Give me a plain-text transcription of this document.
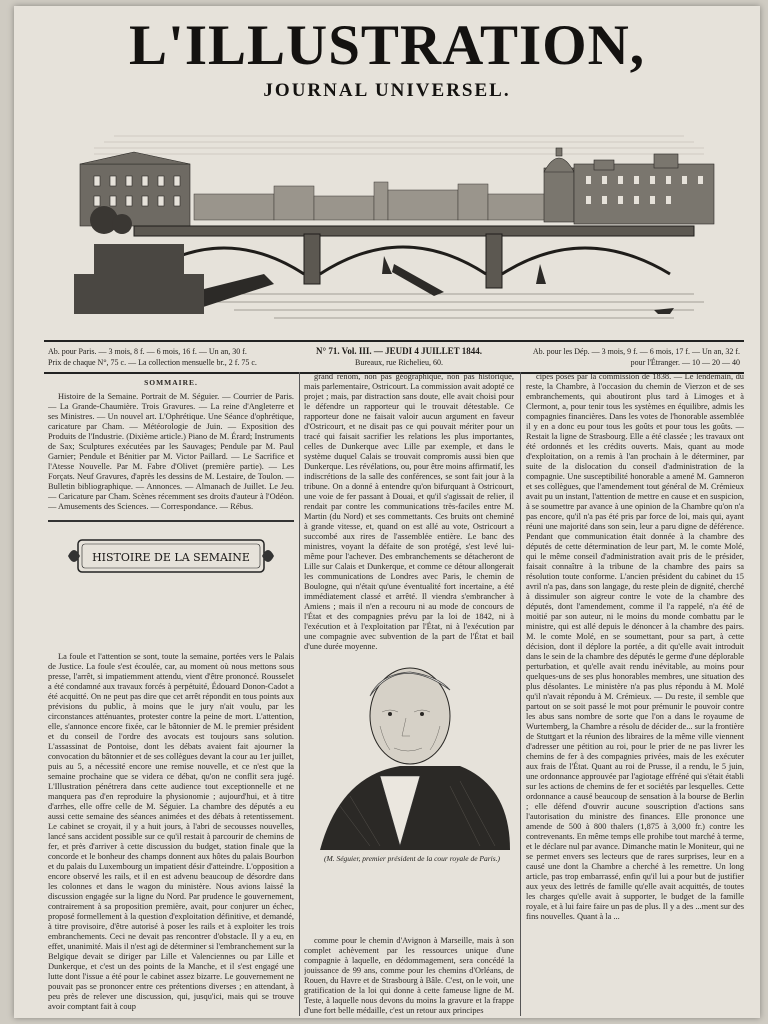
L'ILLUSTRATION,
JOURNAL UNIVERSEL.
Ab. pour Paris. — 3 mois, 8 f. — 6 mois, 16 f. — Un an, 30 f.
Prix de chaque N°, 75 c. — La collection mensuelle br., 2 f. 75 c.
N° 71. Vol. III. — JEUDI 4 JUILLET 1844.
Bureaux, rue Richelieu, 60.
Ab. pour les Dép. — 3 mois, 9 f. — 6 mois, 17 f. — Un an, 32 f.
pour l'Étranger. — 10 — 20 — 40
SOMMAIRE.

Histoire de la Semaine. Portrait de M. Séguier. — Courrier de Paris. — La Grande-Chaumière. Trois Gravures. — La reine d'Angleterre et ses Ministres. — Un nouvel art. L'Ophrétique. Une Séance d'ophrétique, caricature par Cham. — Météorologie de Juin. — Exposition des Produits de l'Industrie. (Dixième article.) Piano de M. Érard; Instruments de Sax; Sculptures exécutées par les Sauvages; Pendule par M. Paul Garnier; Pendule et Bénitier par M. Victor Paillard. — Le Sacrifice et l'Atesse Nouvelle. Par M. Fabre d'Olivet (première partie). — Les Forçats. Neuf Gravures, d'après les dessins de M. Lestaire, de Toulon. — Bulletin bibliographique. — Annonces. — Almanach de Juillet. Le Jeu. — Caricature par Cham. Scènes récemment ses droits d'auteur à l'Odéon. — Amusements des Sciences. — Correspondance. — Rébus.

HISTOIRE DE LA SEMAINE

La foule et l'attention se sont, toute la semaine, portées vers le Palais de Justice. La foule s'est écoulée, car, au moment où nous mettons sous presse, l'arrêt, si impatiemment attendu, vient d'être prononcé. Rousselet a été condamné aux travaux forcés à perpétuité, Édouard Donon-Cadot a été acquitté. On ne peut pas dire que cet arrêt répondit en tous points aux prévisions du public, à moins que le jury n'ait voulu, par les circonstances atténuantes, protester contre la peine de mort. L'attention, elle, s'annonce encore fixée, car le bâtonnier de M. le premier président et du conseil de l'ordre des avocats est toujours sans solution. L'assassinat de Pontoise, dont les débats avaient fait ajourner la convocation du bâtonnier et de ses collègues devant la cour au 1er juillet, puis au 5, a nécessité encore une remise nouvelle, et ce n'est que la semaine prochaine que se videra ce débat, qu'on ne conflit sera jugé. L'Illustration pénétrera dans cette audience tout exceptionnelle et ne manquera pas d'en reproduire la physionomie ; aujourd'hui, et à titre d'arrhes, elle offre celle de M. Séguier. La chambre des députés a eu aussi cette semaine des séances animées et des débats à retentissement. Le cabinet se croyait, il y a huit jours, à l'abri de secousses nouvelles, lancé sans accident possible sur ce qu'il restait à parcourir de chemins de fer, et près d'arriver à cette discussion du budget, station finale que la concorde et le bonheur des champs donnent aux hôtes du palais Bourbon et du palais du Luxembourg un impatient désir d'atteindre. L'opposition a encore observé les rails, et il en est advenu beaucoup de désordre dans les colonnes et dans le wagon du ministère. Nous avions laissé la discussion engagée sur la ligne du Nord. Par prudence le gouvernement, contrairement à sa proposition première, avait, pour conjurer un échec, proposé formellement à la question d'exploitation définitive, et demandé, à titre provisoire, d'être autorisé à poser les rails et à exploiter les trois embranchements. Ceci ne devait pas rencontrer d'obstacle. Il y a eu, en effet, unanimité. Mais il n'est agi de déterminer si l'embranchement sur la Belgique devait se diriger par Lille et Valenciennes ou par Lille et Dunkerque, et c'est un des points de la Manche, et il s'est engagé une lutte dont l'issue a été pour le cabinet assez bizarre. Le gouvernement ne pouvait pas se prononcer entre ces prétentions diverses ; en attendant, à peu près de relever une discussion, qui, jusqu'ici, mais qui se trouve avoir comptant fait à coup

grand renom, non pas géographique, non pas historique, mais parlementaire, Ostricourt. La commission avait adopté ce projet ; mais, par distraction sans doute, elle avait choisi pour le défendre un rapporteur qui le trouvait détestable. Ce rapporteur done ne faisait valoir aucun argument en faveur d'Ostricourt, et ne disait pas ce qui pouvait mériter pour un tracé qui faisait sacrifier les relations les plus importantes, celles de Dunkerque avec Lille par exemple, et dans le système duquel Calais se trouvait compromis aussi bien que Dunkerque. Les révélations, ou, pour être moins affirmatif, les indiscrétions de la salle des conférences, se sont fait jour à la tribune. On a donné à entendre qu'on bifurquant à Ostricourt, une voie de fer passant à Douai, et qu'il s'agissait de relier, il rendait par contre les communications très-faciles entre M. Martin (du Nord) et ses commettants. Ces bruits ont cheminé à grande vitesse, et, quand on est allé au vote, Ostricourt a succombé aux rires de l'assemblée entière. Le banc des ministres, voyant la défaite de son protégé, s'est levé lui-même pour l'achever. Des embranchements se détacheront de Lille sur Calais et Dunkerque, et comme ce détour allongerait les communications de Londres avec Paris, le chemin de Boulogne, qui n'était qu'une éventualité fort incertaine, a été immédiatement classé et arrêté. Il viendra s'embrancher à Amiens ; mais il n'en a recouru ni au mode de concours de l'État et des compagnies prévu par la loi de 1842, ni à l'exécution et à l'exploitation par l'État, ni à l'exécution par une compagnie avec subvention de la part de l'État et bail d'une durée moyenne.

(M. Séguier, premier président de la cour royale de Paris.)

comme pour le chemin d'Avignon à Marseille, mais à son complet achèvement par les ressources unique d'une compagnie à laquelle, en dédommagement, sera concédé la jouissance de 99 ans, comme pour les chemins d'Orléans, de Rouen, du Havre et de Strasbourg à Bâle. C'est, on le voit, une gratification de la loi qui donne à cette fameuse ligne de M. Teste, à laquelle nous devons du moins la gravure et la frappe d'une fort belle médaille, c'est un retour aux principes

cipes posés par la commission de 1838. — Le lendemain, du reste, la Chambre, à l'occasion du chemin de Vierzon et de ses embranchements, qui aboutiront plus tard à Limoges et à Clermont, a, pour tenir tous les systèmes en équilibre, admis les compagnies financières. Dans les votes de l'honorable assemblée il y en a donc eu pour tous les goûts et pour tous les goûts. — Restait la ligne de Strasbourg. Elle a été classée ; les travaux ont été ordonnés et les crédits ouverts. Mais, quant au mode d'exploitation, on a remis à l'an prochain à le déterminer, par suite de la dislocation du conseil d'administration de la compagnie. Une susceptibilité honorable a amené M. Gamneron et ses collègues, que l'amendement tout général de M. Crémieux avait pu un instant, l'attention de mettre en cause et en suspicion, à se soumettre par avance à une opinion de la Chambre qu'on n'a pas encore, qu'il n'a pas été pris par force de loi, mais qui, ayant réuni une majorité dans son sein, leur a paru digne de déférence. Pendant que communication était donnée à la chambre des députés de cette détermination de leur part, M. le comte Molé, qui le même conseil d'administration avait pris de le présider, faisait connaître à la tribune de la chambre des pairs sa résolution toute conforme. L'ancien président du cabinet du 15 avril n'a pas, dans son langage, du reste plein de dignité, cherché à dissimuler son aigreur contre le vote de la chambre des députés, dont l'amendement, comme il l'a rappelé, n'a été de moitié par son auteur, ni le moins du monde combattu par le ministre, qui est allé depuis le dénoncer à la chambre des pairs. M. le comte Molé, en se soumettant, pour sa part, à cette décision, dont il déplore la portée, a dit qu'elle avait introduit dans le sein de la chambre des députés le germe d'une déplorable perturbation, et qu'elle avait rendu inévitable, au moins pour quelques-uns de ses plus honorables membres, une situation des plus désolantes. Le ministère n'a pas plus répondu à M. Molé qu'il n'avait répondu à M. Crémieux. — Du reste, il semble que partout on se soit passé le mot pour prémunir le pouvoir contre les abus sans nombre de sorte que l'on a dans le royaume de Wurtemberg, la Chambre a résolu de décider de... sur la frontière de Stuttgart et la réunion des libraires de la même ville viennent d'adresser une pétition au roi, pour le prier de ne pas livrer les chemins de fer à des compagnies privées, mais de les exécuter aux frais de l'État. Quant au roi de Prusse, il a rendu, le 5 juin, une ordonnance approuvée par l'agiotage effréné qui s'était établi sur les actions de chemins de fer et sociétés par lesquelles. Cette ordonnance a causé beaucoup de sensation à la bourse de Berlin ; elle défend d'ouvrir aucune souscription d'actions sans l'autorisation du ministre des finances. Elle prononce une amende de 500 à 800 thalers (1,875 à 3,000 fr.) contre les contrevenants. En même temps elle prohibe tout marché à terme, et le déclare nul par avance. Dimanche matin le Moniteur, qui ne se permet envers ses lecteurs que de rares surprises, leur en a causé une dont la Chambre a cherché à les remettre. Un long article, pas trop embarrassé, enfin qu'il lui a pour but de justifier aux yeux des lettrés de famille qu'elle avait acquittés, de toutes les charges qu'elle avait à supporter, le budget de la famille royale, et à lui faire faire un pas de plus. Il y a des ...ment sur des fins nouvelles. Quant à la ...
